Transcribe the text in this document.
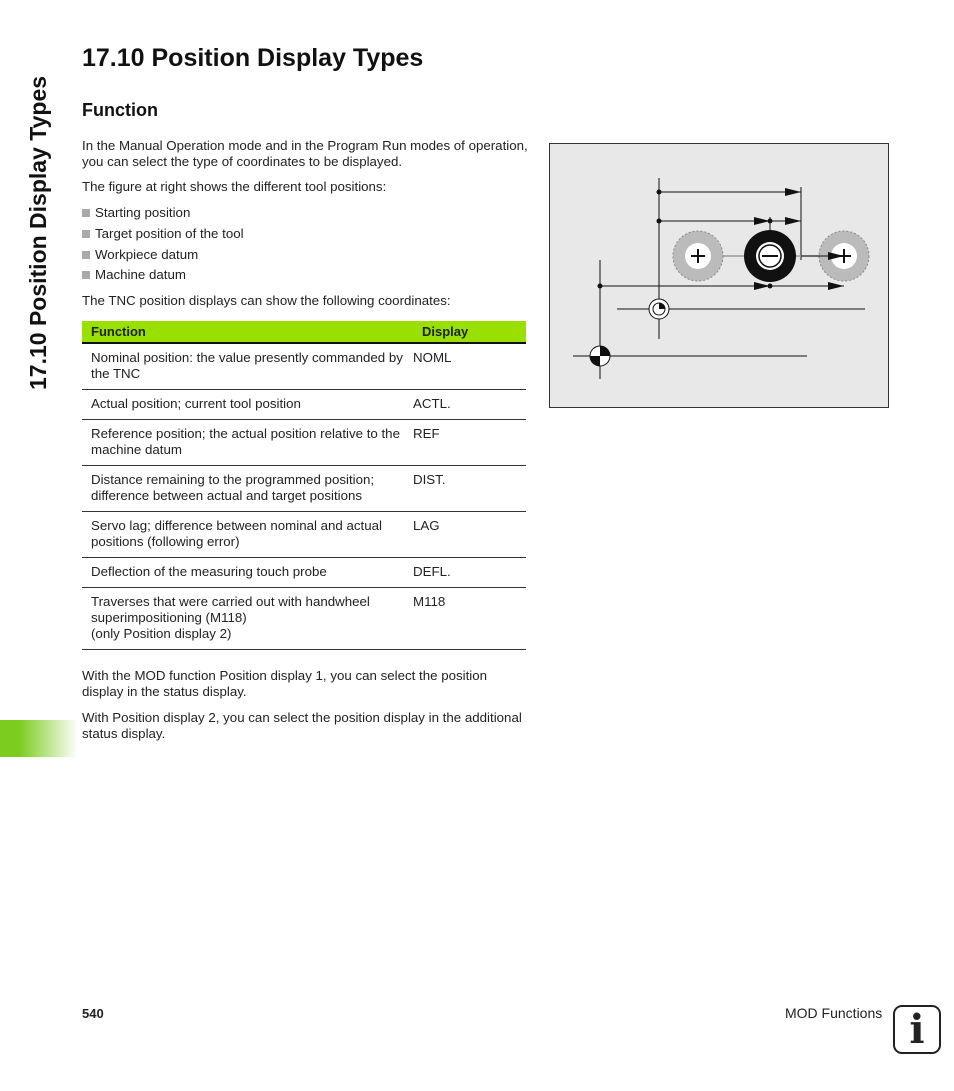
17.10 Position Display Types
17.10 Position Display Types
Function
In the Manual Operation mode and in the Program Run modes of operation, you can select the type of coordinates to be displayed.
The figure at right shows the different tool positions:
Starting position
Target position of the tool
Workpiece datum
Machine datum
The TNC position displays can show the following coordinates:
Function	Display
Nominal position: the value presently commanded by the TNC	NOML
Actual position; current tool position	ACTL.
Reference position; the actual position relative to the machine datum	REF
Distance remaining to the programmed position; difference between actual and target positions	DIST.
Servo lag; difference between nominal and actual positions (following error)	LAG
Deflection of the measuring touch probe	DEFL.
Traverses that were carried out with handwheel superimpositioning (M118)
(only Position display 2)	M118
With the MOD function Position display 1, you can select the position display in the status display.
With Position display 2, you can select the position display in the additional status display.
540	MOD Functions i
